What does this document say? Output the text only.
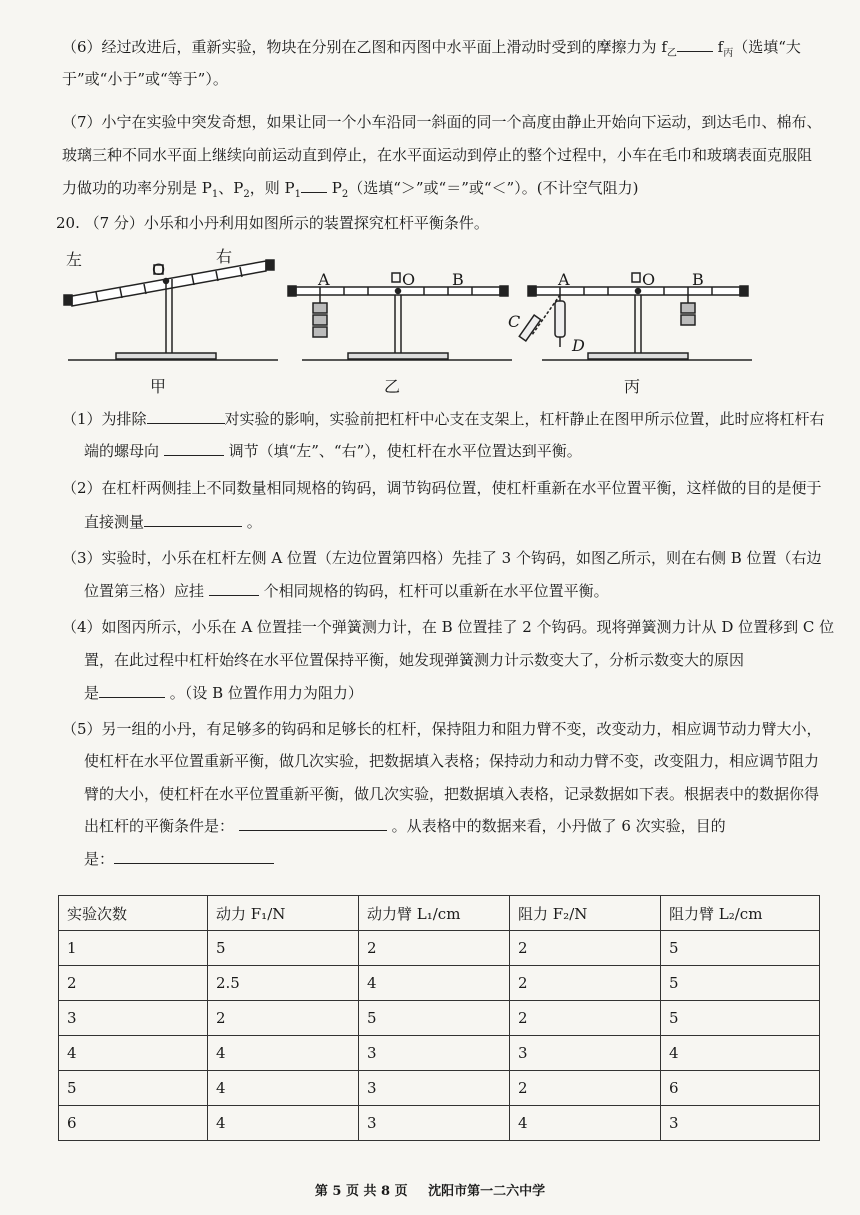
（6）经过改进后，重新实验，物块在分别在乙图和丙图中水平面上滑动时受到的摩擦力为 $f_乙$ $f_丙$（选填“大
于”或“小于”或“等于”）。
（7）小宁在实验中突发奇想，如果让同一个小车沿同一斜面的同一个高度由静止开始向下运动，到达毛巾、棉布、
玻璃三种不同水平面上继续向前运动直到停止，在水平面运动到停止的整个过程中，小车在毛巾和玻璃表面克服阻
力做功的功率分别是 $P_1$、$P_2$，则 $P_1$ $P_2$（选填“＞”或“＝”或“＜”）。(不计空气阻力)
20. （7 分）小乐和小丹利用如图所示的装置探究杠杆平衡条件。
左	右
O
A	O B	A	O B
C
D
甲	乙	丙
（1）为排除	对实验的影响，实验前把杠杆中心支在支架上，杠杆静止在图甲所示位置，此时应将杠杆右
端的螺母向	调节（填“左”、“右”），使杠杆在水平位置达到平衡。
（2）在杠杆两侧挂上不同数量相同规格的钩码，调节钩码位置，使杠杆重新在水平位置平衡，这样做的目的是便于
直接测量	。
（3）实验时，小乐在杠杆左侧 A 位置（左边位置第四格）先挂了 3 个钩码，如图乙所示，则在右侧 B 位置（右边
位置第三格）应挂	个相同规格的钩码，杠杆可以重新在水平位置平衡。
（4）如图丙所示，小乐在 A 位置挂一个弹簧测力计，在 B 位置挂了 2 个钩码。现将弹簧测力计从 D 位置移到 C 位
置，在此过程中杠杆始终在水平位置保持平衡，她发现弹簧测力计示数变大了，分析示数变大的原因
是	。（设 B 位置作用力为阻力）
（5）另一组的小丹，有足够多的钩码和足够长的杠杆，保持阻力和阻力臂不变，改变动力，相应调节动力臂大小，
使杠杆在水平位置重新平衡，做几次实验，把数据填入表格；保持动力和动力臂不变，改变阻力，相应调节阻力
臂的大小，使杠杆在水平位置重新平衡，做几次实验，把数据填入表格，记录数据如下表。根据表中的数据你得
出杠杆的平衡条件是：	。从表格中的数据来看，小丹做了 6 次实验，目的
是：
实验次数	动力 F₁/N	动力臂 L₁/cm	阻力 F₂/N	阻力臂 L₂/cm
1	5	2	2	5
2	2.5	4	2	5
3	2	5	2	5
4	4	3	3	4
5	4	3	2	6
6	4	3	4	3
第 5 页 共 8 页 沈阳市第一二六中学
